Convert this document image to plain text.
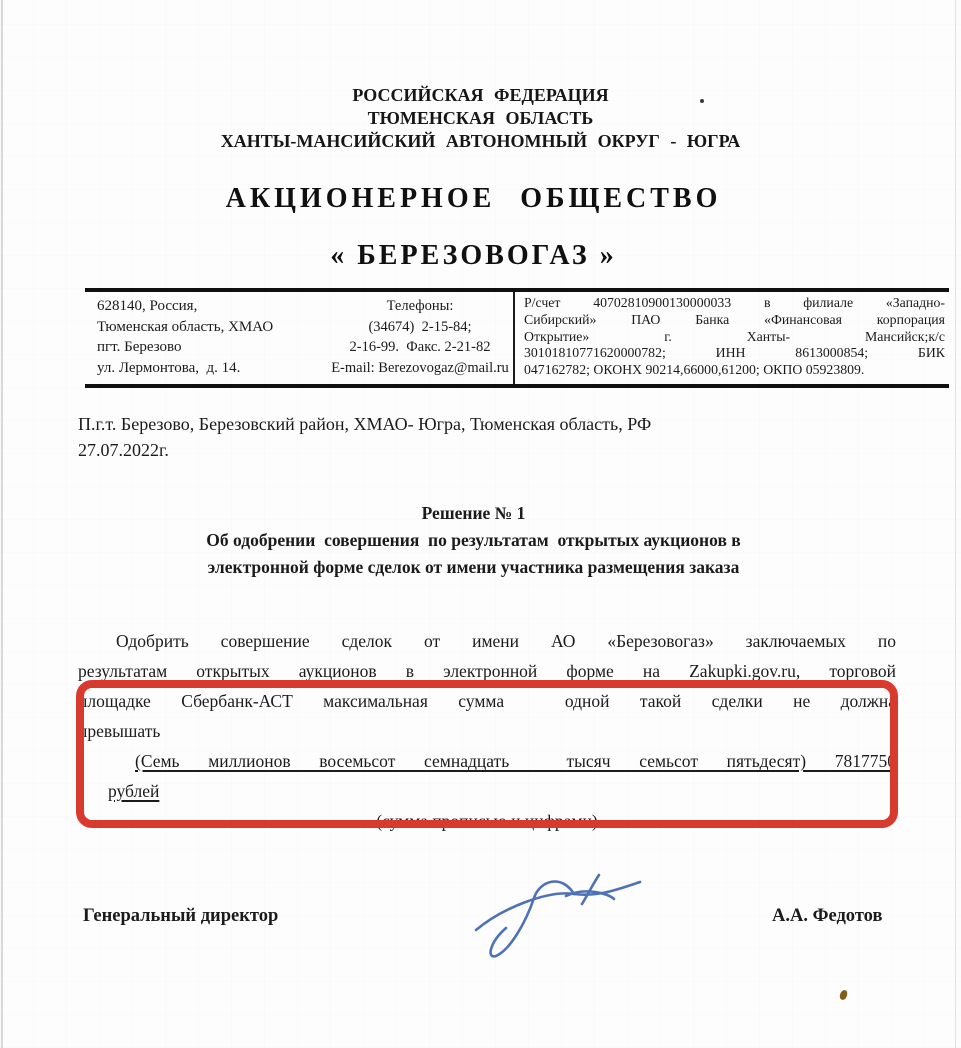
РОССИЙСКАЯ ФЕДЕРАЦИЯ
ТЮМЕНСКАЯ ОБЛАСТЬ
ХАНТЫ-МАНСИЙСКИЙ АВТОНОМНЫЙ ОКРУГ - ЮГРА
АКЦИОНЕРНОЕ ОБЩЕСТВО
« БЕРЕЗОВОГАЗ »
628140, Россия,
Тюменская область, ХМАО
пгт. Березово
ул. Лермонтова,  д. 14.
Телефоны:
(34674)  2-15-84;
2-16-99.  Факс. 2-21-82
E-mail: Berezovogaz@mail.ru
Р/счет 40702810900130000033 в филиале «Западно-
Сибирский» ПАО Банка «Финансовая корпорация
Открытие» г. Ханты- Мансийск;к/с
30101810771620000782; ИНН 8613000854; БИК
047162782; ОКОНХ 90214,66000,61200; ОКПО 05923809.
П.г.т. Березово, Березовский район, ХМАО- Югра, Тюменская область, РФ
27.07.2022г.
Решение № 1
Об одобрении  совершения  по результатам  открытых аукционов в
электронной форме сделок от имени участника размещения заказа
Одобрить совершение сделок от имени АО «Березовогаз» заключаемых по
результатам открытых аукционов в электронной форме на Zakupki.gov.ru, торговой
площадке Сбербанк-АСТ максимальная сумма  одной такой сделки не должна
превышать
(Семь миллионов восемьсот семнадцать  тысяч семьсот пятьдесят) 7817750
рублей
(сумма прописью и цифрами)
Генеральный директор	А.А. Федотов
